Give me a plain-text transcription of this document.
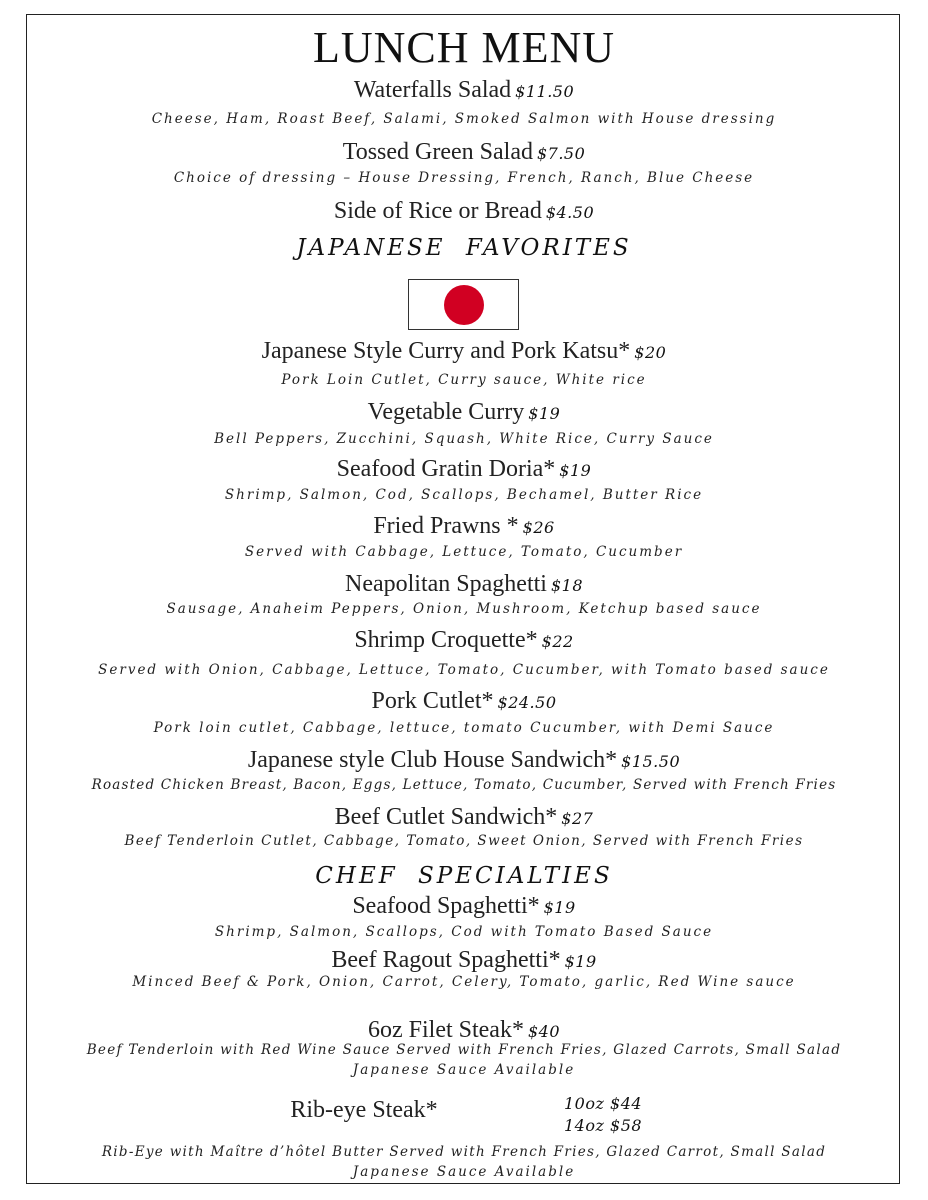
LUNCH MENU
Waterfalls Salad $11.50
Cheese, Ham, Roast Beef, Salami, Smoked Salmon with House dressing
Tossed Green Salad $7.50
Choice of dressing – House Dressing, French, Ranch, Blue Cheese
Side of Rice or Bread $4.50
JAPANESE FAVORITES
Japanese Style Curry and Pork Katsu* $20
Pork Loin Cutlet, Curry sauce, White rice
Vegetable Curry $19
Bell Peppers, Zucchini, Squash, White Rice, Curry Sauce
Seafood Gratin Doria* $19
Shrimp, Salmon, Cod, Scallops, Bechamel, Butter Rice
Fried Prawns * $26
Served with Cabbage, Lettuce, Tomato, Cucumber
Neapolitan Spaghetti $18
Sausage, Anaheim Peppers, Onion, Mushroom, Ketchup based sauce
Shrimp Croquette* $22
Served with Onion, Cabbage, Lettuce, Tomato, Cucumber, with Tomato based sauce
Pork Cutlet* $24.50
Pork loin cutlet, Cabbage, lettuce, tomato Cucumber, with Demi Sauce
Japanese style Club House Sandwich* $15.50
Roasted Chicken Breast, Bacon, Eggs, Lettuce, Tomato, Cucumber, Served with French Fries
Beef Cutlet Sandwich* $27
Beef Tenderloin Cutlet, Cabbage, Tomato, Sweet Onion, Served with French Fries
CHEF SPECIALTIES
Seafood Spaghetti* $19
Shrimp, Salmon, Scallops, Cod with Tomato Based Sauce
Beef Ragout Spaghetti* $19
Minced Beef & Pork, Onion, Carrot, Celery, Tomato, garlic, Red Wine sauce
6oz Filet Steak* $40
Beef Tenderloin with Red Wine Sauce Served with French Fries, Glazed Carrots, Small Salad
Japanese Sauce Available
Rib-eye Steak*	10oz $44
14oz $58
Rib-Eye with Maître d’hôtel Butter Served with French Fries, Glazed Carrot, Small Salad
Japanese Sauce Available
